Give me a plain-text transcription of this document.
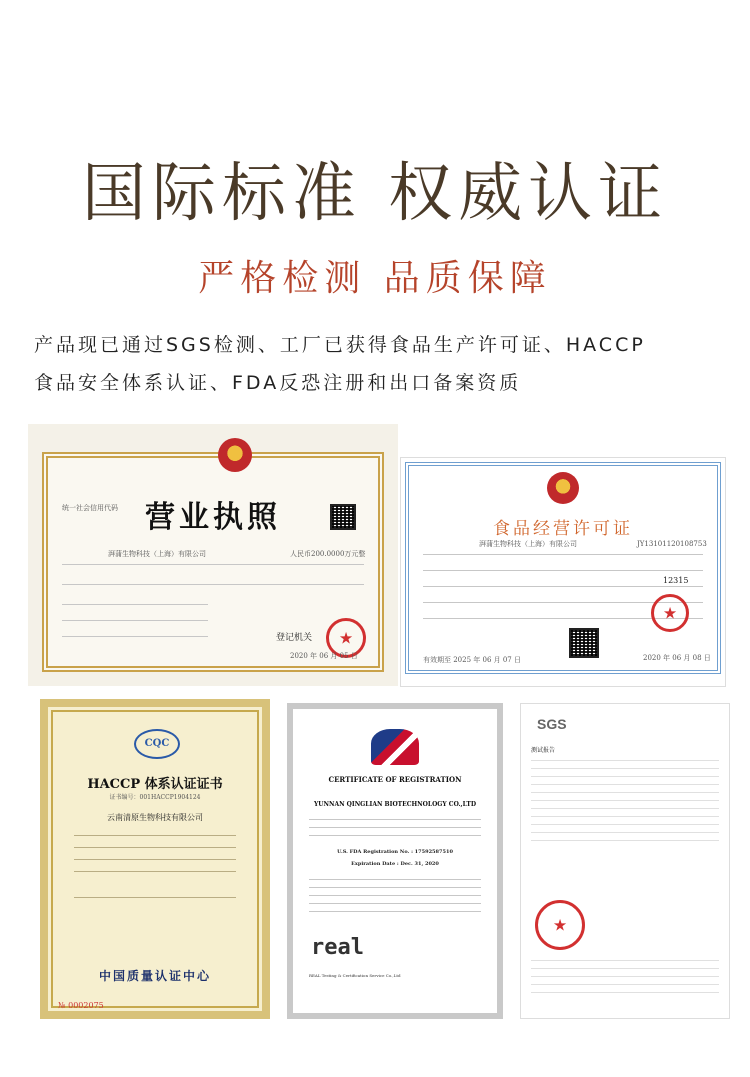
国际标准 权威认证
严格检测 品质保障
产品现已通过SGS检测、工厂已获得食品生产许可证、HACCP
食品安全体系认证、FDA反恐注册和出口备案资质
营业执照
统一社会信用代码
湃蒲生物科技（上海）有限公司	人民币200.0000万元整
登记机关
★
2020 年 06 月 05 日
食品经营许可证
湃蒲生物科技（上海）有限公司	JY13101120108753
12315
★
2020 年 06 月 08 日
有效期至 2025 年 06 月 07 日
CQC
HACCP 体系认证证书
证书编号：001HACCP1904124
云南清原生物科技有限公司
中国质量认证中心
№ 0002075
CERTIFICATE OF REGISTRATION
YUNNAN QINGLIAN BIOTECHNOLOGY CO.,LTD
U.S. FDA Registration No. : 17592587510
Expiration Date : Dec. 31, 2020
real
REAL Testing & Certification Service Co.,Ltd
SGS
测试报告
★
